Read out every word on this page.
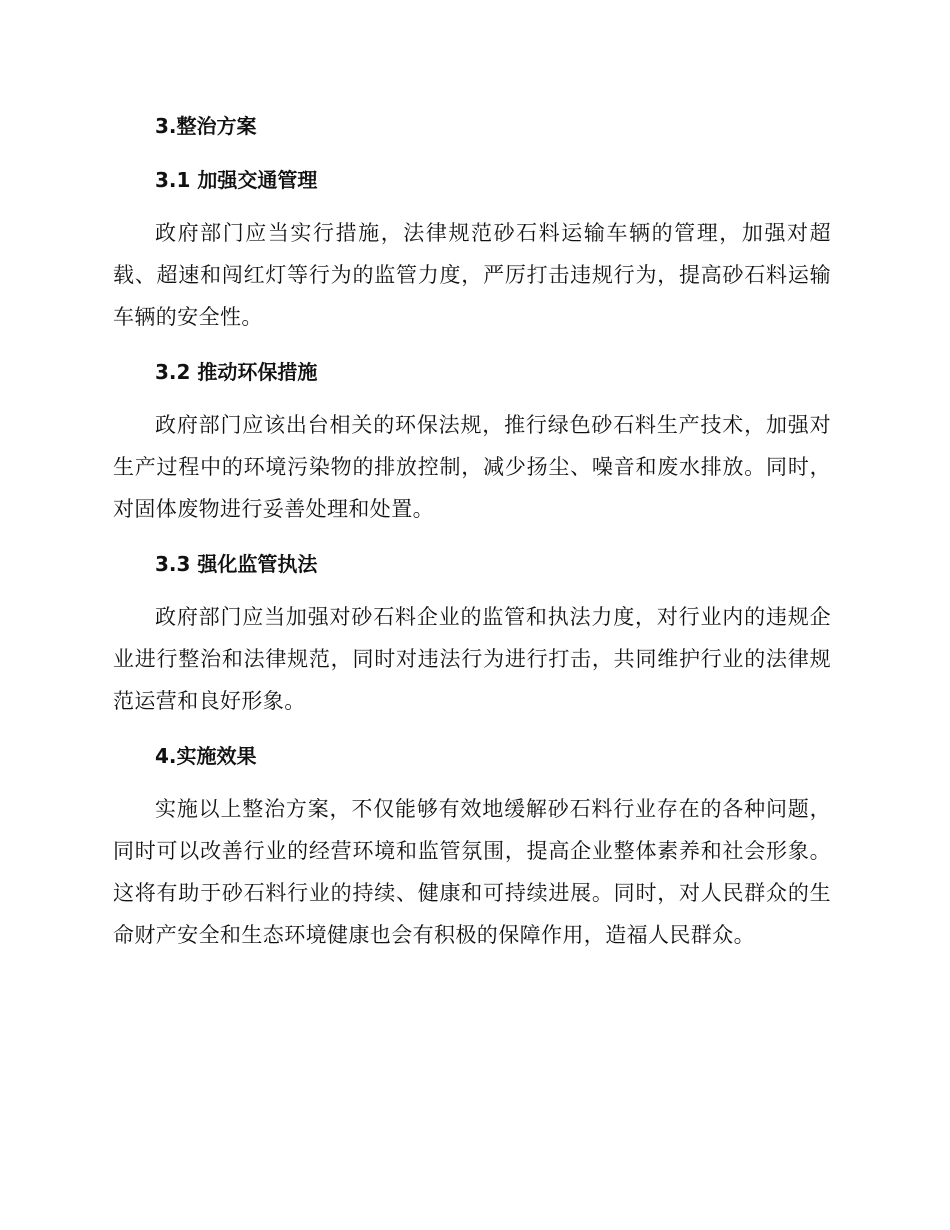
3.整治方案
3.1 加强交通管理

政府部门应当实行措施，法律规范砂石料运输车辆的管理，加强对超载、超速和闯红灯等行为的监管力度，严厉打击违规行为，提高砂石料运输车辆的安全性。

3.2 推动环保措施

政府部门应该出台相关的环保法规，推行绿色砂石料生产技术，加强对生产过程中的环境污染物的排放控制，减少扬尘、噪音和废水排放。同时，对固体废物进行妥善处理和处置。

3.3 强化监管执法

政府部门应当加强对砂石料企业的监管和执法力度，对行业内的违规企业进行整治和法律规范，同时对违法行为进行打击，共同维护行业的法律规范运营和良好形象。

4.实施效果

实施以上整治方案，不仅能够有效地缓解砂石料行业存在的各种问题，同时可以改善行业的经营环境和监管氛围，提高企业整体素养和社会形象。这将有助于砂石料行业的持续、健康和可持续进展。同时，对人民群众的生命财产安全和生态环境健康也会有积极的保障作用，造福人民群众。
